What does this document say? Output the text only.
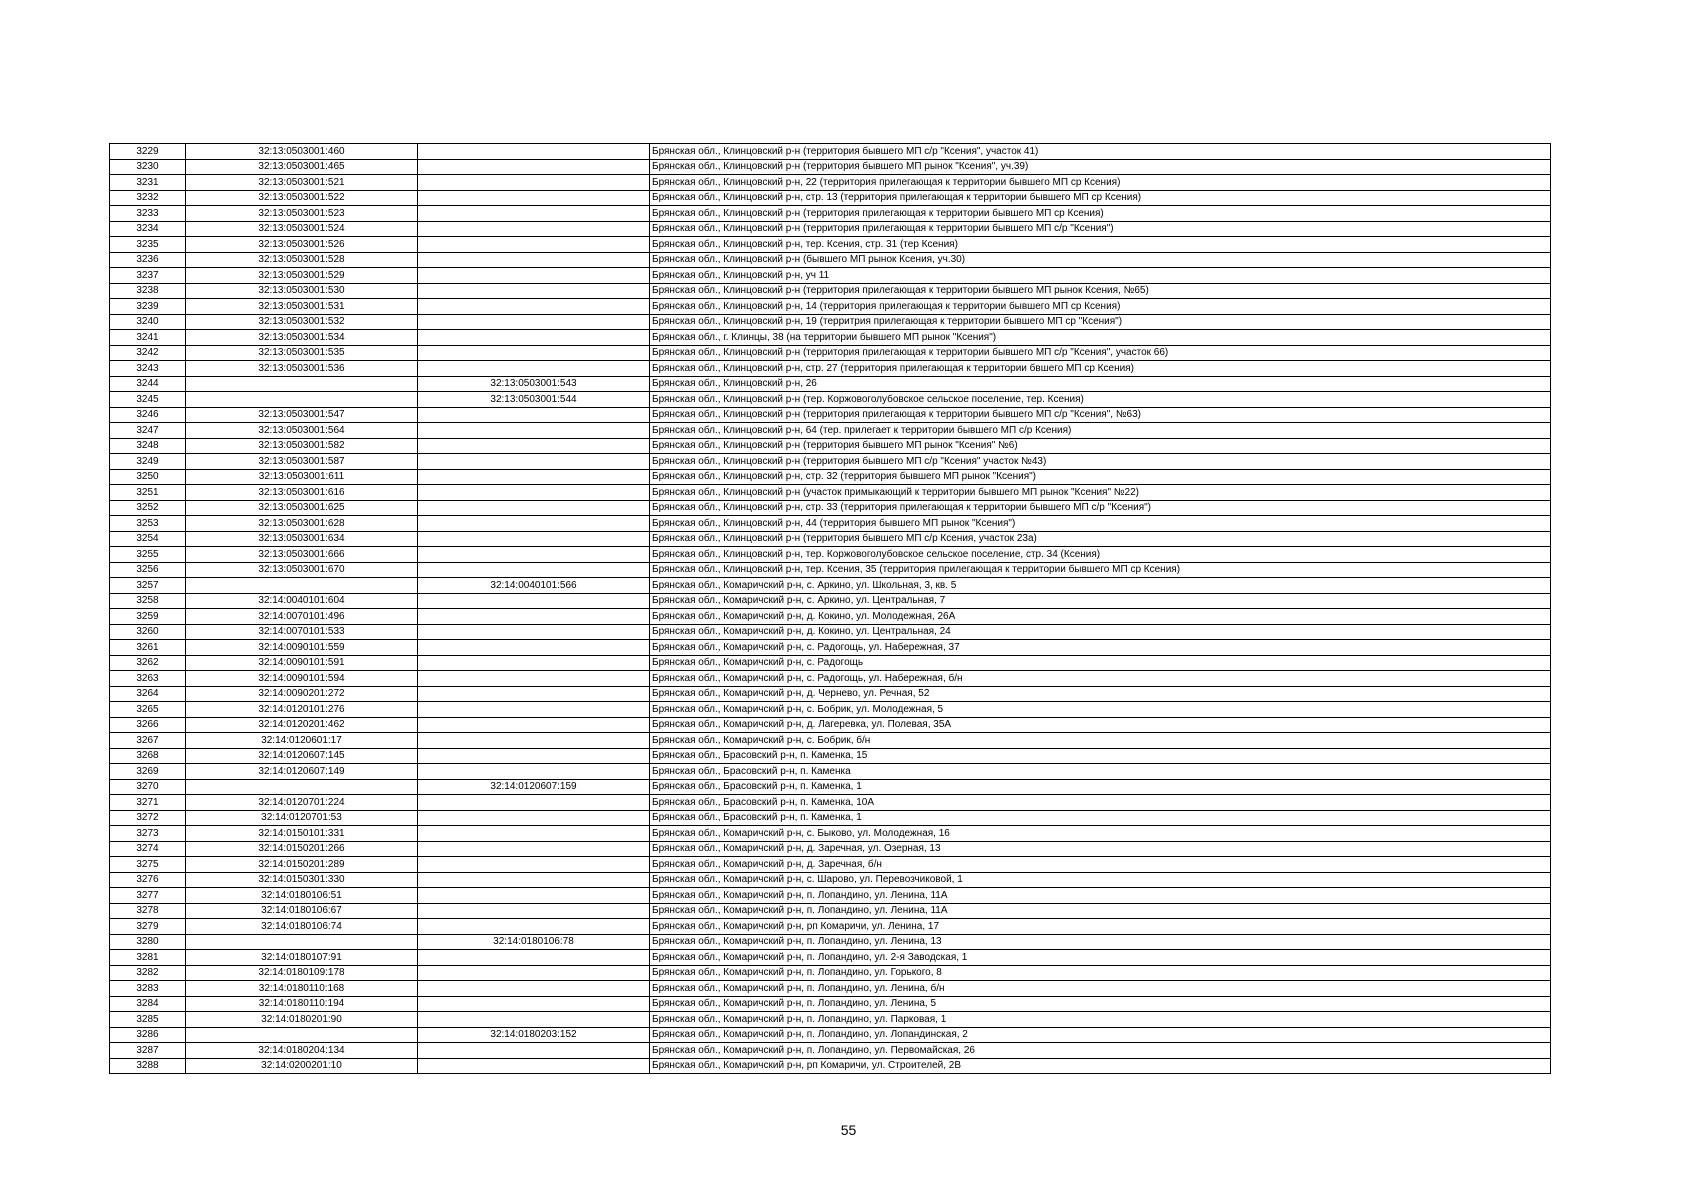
3229	32:13:0503001:460		Брянская обл., Клинцовский р-н (территория бывшего МП с/р "Ксения", участок 41)
3230	32:13:0503001:465		Брянская обл., Клинцовский р-н (территория бывшего МП рынок "Ксения", уч.39)
3231	32:13:0503001:521		Брянская обл., Клинцовский р-н, 22 (территория прилегающая к территории бывшего МП ср Ксения)
3232	32:13:0503001:522		Брянская обл., Клинцовский р-н, стр. 13 (территория прилегающая к территории бывшего МП ср Ксения)
3233	32:13:0503001:523		Брянская обл., Клинцовский р-н (территория прилегающая к территории бывшего МП ср Ксения)
3234	32:13:0503001:524		Брянская обл., Клинцовский р-н (территория прилегающая к территории бывшего МП с/р "Ксения")
3235	32:13:0503001:526		Брянская обл., Клинцовский р-н, тер. Ксения, стр. 31 (тер Ксения)
3236	32:13:0503001:528		Брянская обл., Клинцовский р-н (бывшего МП рынок Ксения, уч.30)
3237	32:13:0503001:529		Брянская обл., Клинцовский р-н, уч 11
3238	32:13:0503001:530		Брянская обл., Клинцовский р-н (территория прилегающая к территории бывшего МП рынок Ксения, №65)
3239	32:13:0503001:531		Брянская обл., Клинцовский р-н, 14 (территория прилегающая к территории бывшего МП ср Ксения)
3240	32:13:0503001:532		Брянская обл., Клинцовский р-н, 19 (территрия прилегающая к территории бывшего МП ср "Ксения")
3241	32:13:0503001:534		Брянская обл., г. Клинцы, 38 (на территории бывшего МП рынок "Ксения")
3242	32:13:0503001:535		Брянская обл., Клинцовский р-н (территория прилегающая к территории бывшего МП с/р "Ксения", участок 66)
3243	32:13:0503001:536		Брянская обл., Клинцовский р-н, стр. 27 (территория прилегающая к территории бвшего МП ср Ксения)
3244		32:13:0503001:543	Брянская обл., Клинцовский р-н, 26
3245		32:13:0503001:544	Брянская обл., Клинцовский р-н (тер. Коржовоголубовское сельское поселение, тер. Ксения)
3246	32:13:0503001:547		Брянская обл., Клинцовский р-н (территория прилегающая к территории бывшего МП с/р "Ксения", №63)
3247	32:13:0503001:564		Брянская обл., Клинцовский р-н, 64 (тер. прилегает к территории бывшего МП с/р Ксения)
3248	32:13:0503001:582		Брянская обл., Клинцовский р-н (территория бывшего МП рынок "Ксения" №6)
3249	32:13:0503001:587		Брянская обл., Клинцовский р-н (территория бывшего МП с/р "Ксения" участок №43)
3250	32:13:0503001:611		Брянская обл., Клинцовский р-н, стр. 32 (территория бывшего МП рынок "Ксения")
3251	32:13:0503001:616		Брянская обл., Клинцовский р-н (участок примыкающий к территории бывшего МП рынок "Ксения" №22)
3252	32:13:0503001:625		Брянская обл., Клинцовский р-н, стр. 33 (территория прилегающая к территории бывшего МП с/р "Ксения")
3253	32:13:0503001:628		Брянская обл., Клинцовский р-н, 44 (территория бывшего МП рынок "Ксения")
3254	32:13:0503001:634		Брянская обл., Клинцовский р-н (территория бывшего МП с/р Ксения, участок 23а)
3255	32:13:0503001:666		Брянская обл., Клинцовский р-н, тер. Коржовоголубовское сельское поселение, стр. 34 (Ксения)
3256	32:13:0503001:670		Брянская обл., Клинцовский р-н, тер. Ксения, 35 (территория прилегающая к территории бывшего МП ср Ксения)
3257		32:14:0040101:566	Брянская обл., Комаричский р-н, с. Аркино, ул. Школьная, 3, кв. 5
3258	32:14:0040101:604		Брянская обл., Комаричский р-н, с. Аркино, ул. Центральная, 7
3259	32:14:0070101:496		Брянская обл., Комаричский р-н, д. Кокино, ул. Молодежная, 26А
3260	32:14:0070101:533		Брянская обл., Комаричский р-н, д. Кокино, ул. Центральная, 24
3261	32:14:0090101:559		Брянская обл., Комаричский р-н, с. Радогощь, ул. Набережная, 37
3262	32:14:0090101:591		Брянская обл., Комаричский р-н, с. Радогощь
3263	32:14:0090101:594		Брянская обл., Комаричский р-н, с. Радогощь, ул. Набережная, б/н
3264	32:14:0090201:272		Брянская обл., Комаричский р-н, д. Чернево, ул. Речная, 52
3265	32:14:0120101:276		Брянская обл., Комаричский р-н, с. Бобрик, ул. Молодежная, 5
3266	32:14:0120201:462		Брянская обл., Комаричский р-н, д. Лагеревка, ул. Полевая, 35А
3267	32:14:0120601:17		Брянская обл., Комаричский р-н, с. Бобрик, б/н
3268	32:14:0120607:145		Брянская обл., Брасовский р-н, п. Каменка, 15
3269	32:14:0120607:149		Брянская обл., Брасовский р-н, п. Каменка
3270		32:14:0120607:159	Брянская обл., Брасовский р-н, п. Каменка, 1
3271	32:14:0120701:224		Брянская обл., Брасовский р-н, п. Каменка, 10А
3272	32:14:0120701:53		Брянская обл., Брасовский р-н, п. Каменка, 1
3273	32:14:0150101:331		Брянская обл., Комаричский р-н, с. Быково, ул. Молодежная, 16
3274	32:14:0150201:266		Брянская обл., Комаричский р-н, д. Заречная, ул. Озерная, 13
3275	32:14:0150201:289		Брянская обл., Комаричский р-н, д. Заречная, б/н
3276	32:14:0150301:330		Брянская обл., Комаричский р-н, с. Шарово, ул. Перевозчиковой, 1
3277	32:14:0180106:51		Брянская обл., Комаричский р-н, п. Лопандино, ул. Ленина, 11А
3278	32:14:0180106:67		Брянская обл., Комаричский р-н, п. Лопандино, ул. Ленина, 11А
3279	32:14:0180106:74		Брянская обл., Комаричский р-н, рп Комаричи, ул. Ленина, 17
3280		32:14:0180106:78	Брянская обл., Комаричский р-н, п. Лопандино, ул. Ленина, 13
3281	32:14:0180107:91		Брянская обл., Комаричский р-н, п. Лопандино, ул. 2-я Заводская, 1
3282	32:14:0180109:178		Брянская обл., Комаричский р-н, п. Лопандино, ул. Горького, 8
3283	32:14:0180110:168		Брянская обл., Комаричский р-н, п. Лопандино, ул. Ленина, б/н
3284	32:14:0180110:194		Брянская обл., Комаричский р-н, п. Лопандино, ул. Ленина, 5
3285	32:14:0180201:90		Брянская обл., Комаричский р-н, п. Лопандино, ул. Парковая, 1
3286		32:14:0180203:152	Брянская обл., Комаричский р-н, п. Лопандино, ул. Лопандинская, 2
3287	32:14:0180204:134		Брянская обл., Комаричский р-н, п. Лопандино, ул. Первомайская, 26
3288	32:14:0200201:10		Брянская обл., Комаричский р-н, рп Комаричи, ул. Строителей, 2В
55
